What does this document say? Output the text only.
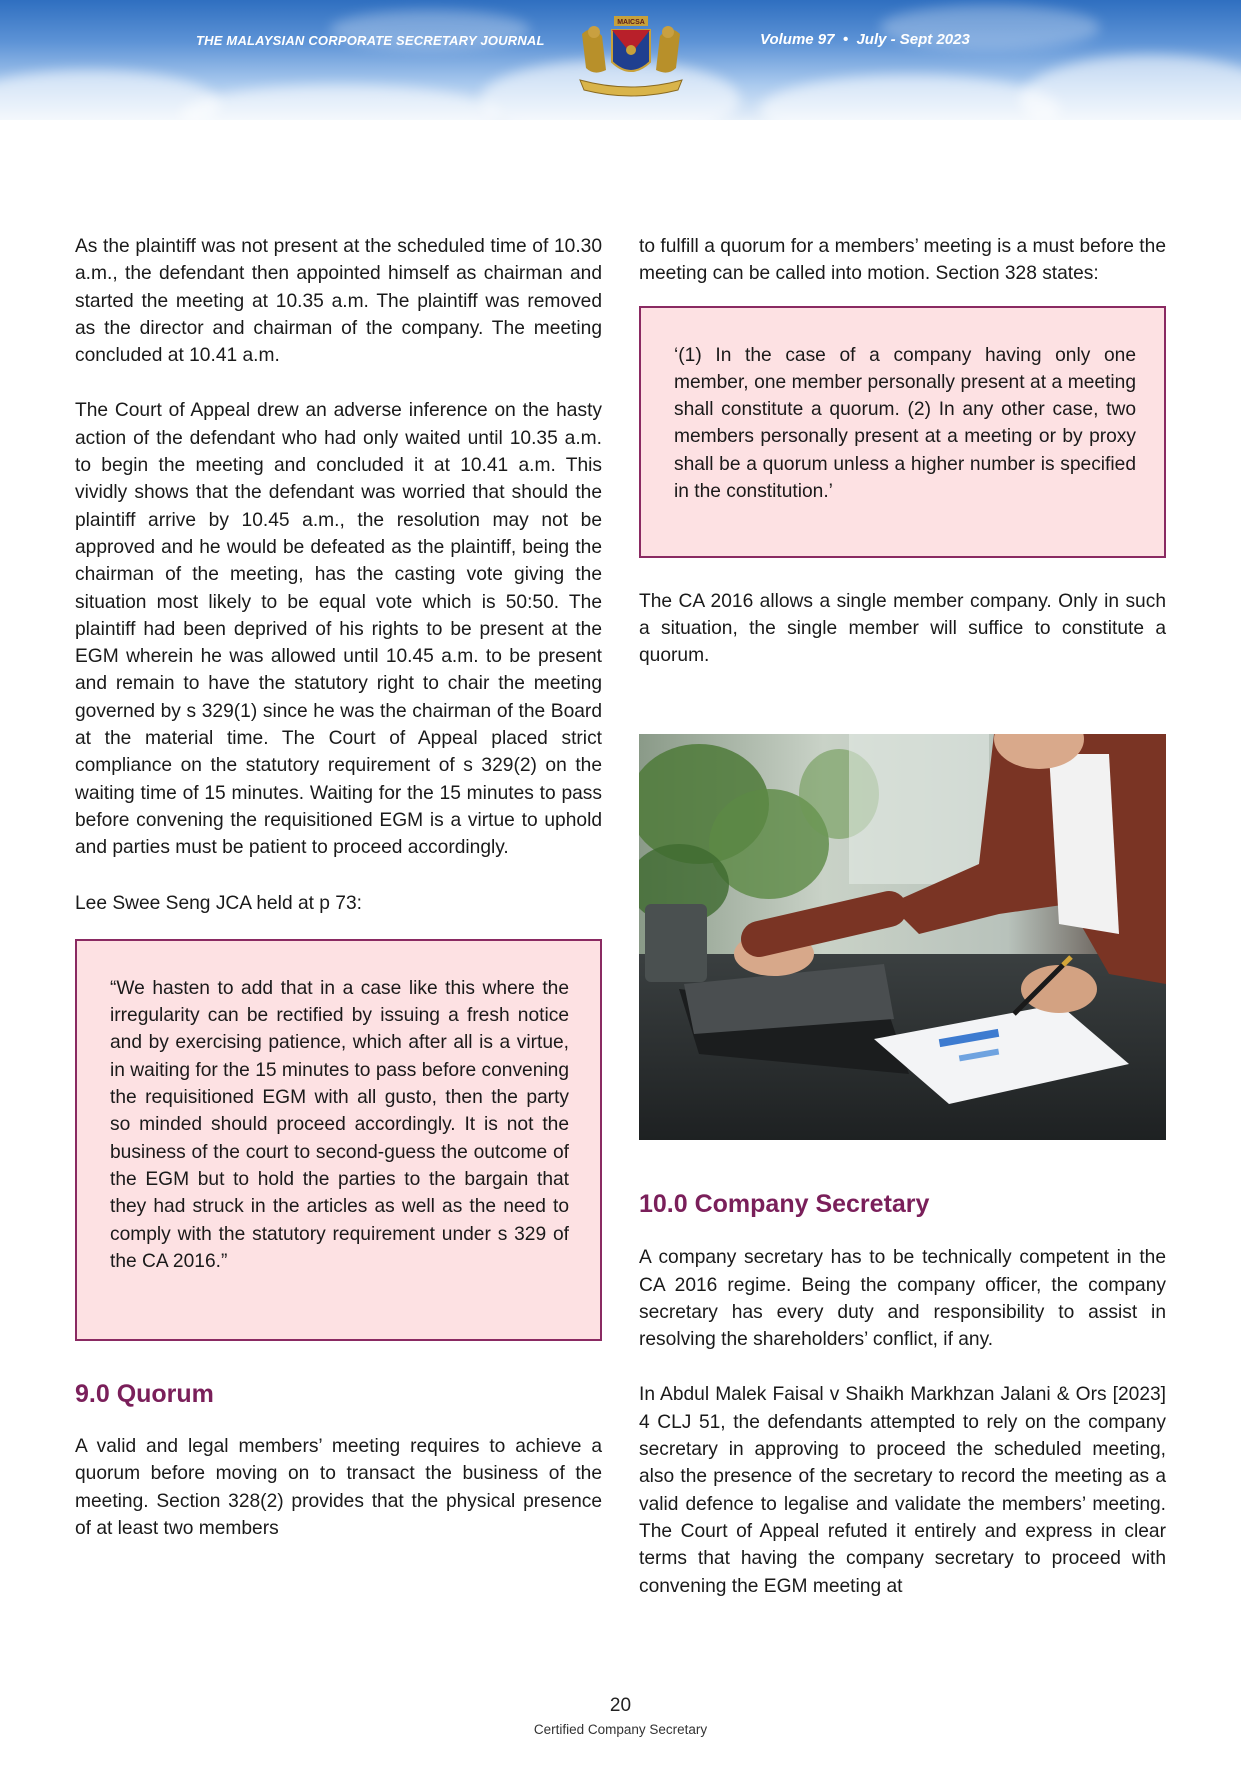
THE MALAYSIAN CORPORATE SECRETARY JOURNAL
MAICSA
Volume 97 • July - Sept 2023

As the plaintiff was not present at the scheduled time of 10.30 a.m., the defendant then appointed himself as chairman and started the meeting at 10.35 a.m. The plaintiff was removed as the director and chairman of the company. The meeting concluded at 10.41 a.m.

The Court of Appeal drew an adverse inference on the hasty action of the defendant who had only waited until 10.35 a.m. to begin the meeting and concluded it at 10.41 a.m. This vividly shows that the defendant was worried that should the plaintiff arrive by 10.45 a.m., the resolution may not be approved and he would be defeated as the plaintiff, being the chairman of the meeting, has the casting vote giving the situation most likely to be equal vote which is 50:50. The plaintiff had been deprived of his rights to be present at the EGM wherein he was allowed until 10.45 a.m. to be present and remain to have the statutory right to chair the meeting governed by s 329(1) since he was the chairman of the Board at the material time. The Court of Appeal placed strict compliance on the statutory requirement of s 329(2) on the waiting time of 15 minutes. Waiting for the 15 minutes to pass before convening the requisitioned EGM is a virtue to uphold and parties must be patient to proceed accordingly.

Lee Swee Seng JCA held at p 73:

“We hasten to add that in a case like this where the irregularity can be rectified by issuing a fresh notice and by exercising patience, which after all is a virtue, in waiting for the 15 minutes to pass before convening the requisitioned EGM with all gusto, then the party so minded should proceed accordingly. It is not the business of the court to second-guess the outcome of the EGM but to hold the parties to the bargain that they had struck in the articles as well as the need to comply with the statutory requirement under s 329 of the CA 2016.”

9.0 Quorum

A valid and legal members’ meeting requires to achieve a quorum before moving on to transact the business of the meeting. Section 328(2) provides that the physical presence of at least two members

to fulfill a quorum for a members’ meeting is a must before the meeting can be called into motion. Section 328 states:

‘(1) In the case of a company having only one member, one member personally present at a meeting shall constitute a quorum. (2) In any other case, two members personally present at a meeting or by proxy shall be a quorum unless a higher number is specified in the constitution.’

The CA 2016 allows a single member company. Only in such a situation, the single member will suffice to constitute a quorum.

10.0 Company Secretary

A company secretary has to be technically competent in the CA 2016 regime. Being the company officer, the company secretary has every duty and responsibility to assist in resolving the shareholders’ conflict, if any.

In Abdul Malek Faisal v Shaikh Markhzan Jalani & Ors [2023] 4 CLJ 51, the defendants attempted to rely on the company secretary in approving to proceed the scheduled meeting, also the presence of the secretary to record the meeting as a valid defence to legalise and validate the members’ meeting. The Court of Appeal refuted it entirely and express in clear terms that having the company secretary to proceed with convening the EGM meeting at

20
Certified Company Secretary
